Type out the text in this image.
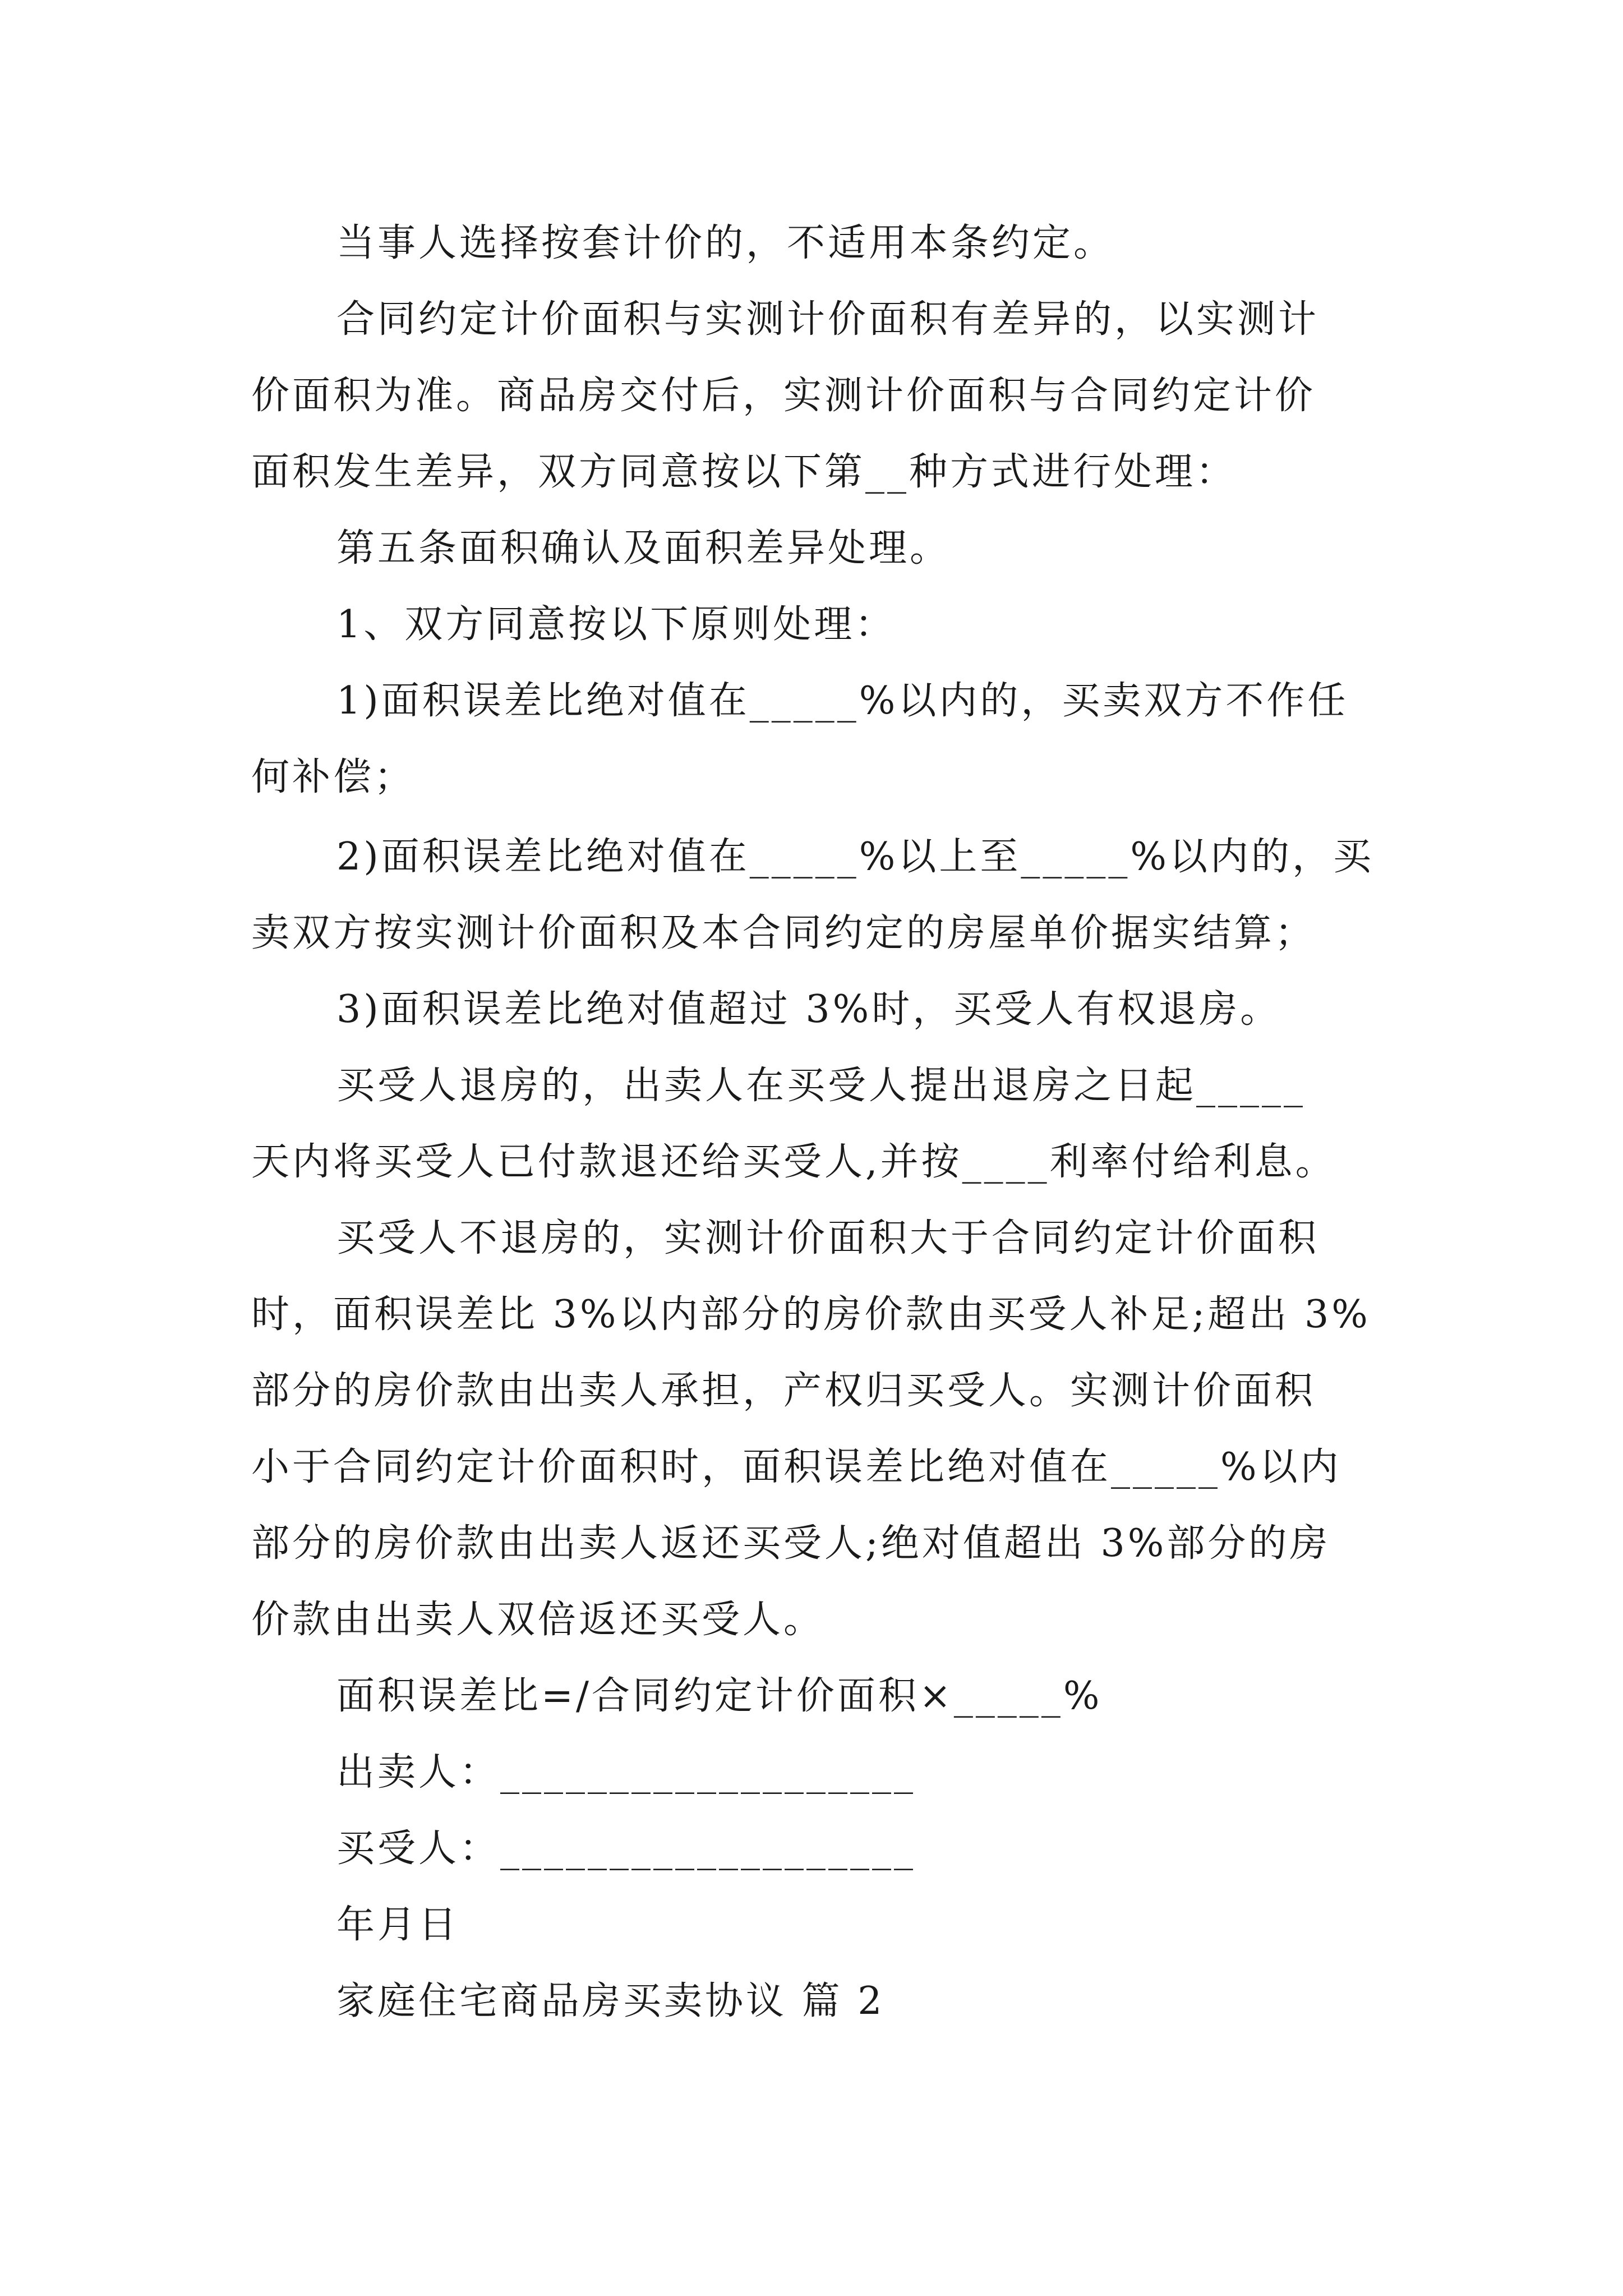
当事人选择按套计价的，不适用本条约定。
合同约定计价面积与实测计价面积有差异的，以实测计
价面积为准。商品房交付后，实测计价面积与合同约定计价
面积发生差异，双方同意按以下第__种方式进行处理：
第五条面积确认及面积差异处理。
1、双方同意按以下原则处理：
1)面积误差比绝对值在_____%以内的，买卖双方不作任
何补偿；
2)面积误差比绝对值在_____%以上至_____%以内的，买
卖双方按实测计价面积及本合同约定的房屋单价据实结算；
3)面积误差比绝对值超过 3%时，买受人有权退房。
买受人退房的，出卖人在买受人提出退房之日起_____
天内将买受人已付款退还给买受人,并按____利率付给利息。
买受人不退房的，实测计价面积大于合同约定计价面积
时，面积误差比 3%以内部分的房价款由买受人补足;超出 3%
部分的房价款由出卖人承担，产权归买受人。实测计价面积
小于合同约定计价面积时，面积误差比绝对值在_____%以内
部分的房价款由出卖人返还买受人;绝对值超出 3%部分的房
价款由出卖人双倍返还买受人。
面积误差比=/合同约定计价面积×_____%
出卖人：___________________
买受人：___________________
年月日
家庭住宅商品房买卖协议 篇 2
